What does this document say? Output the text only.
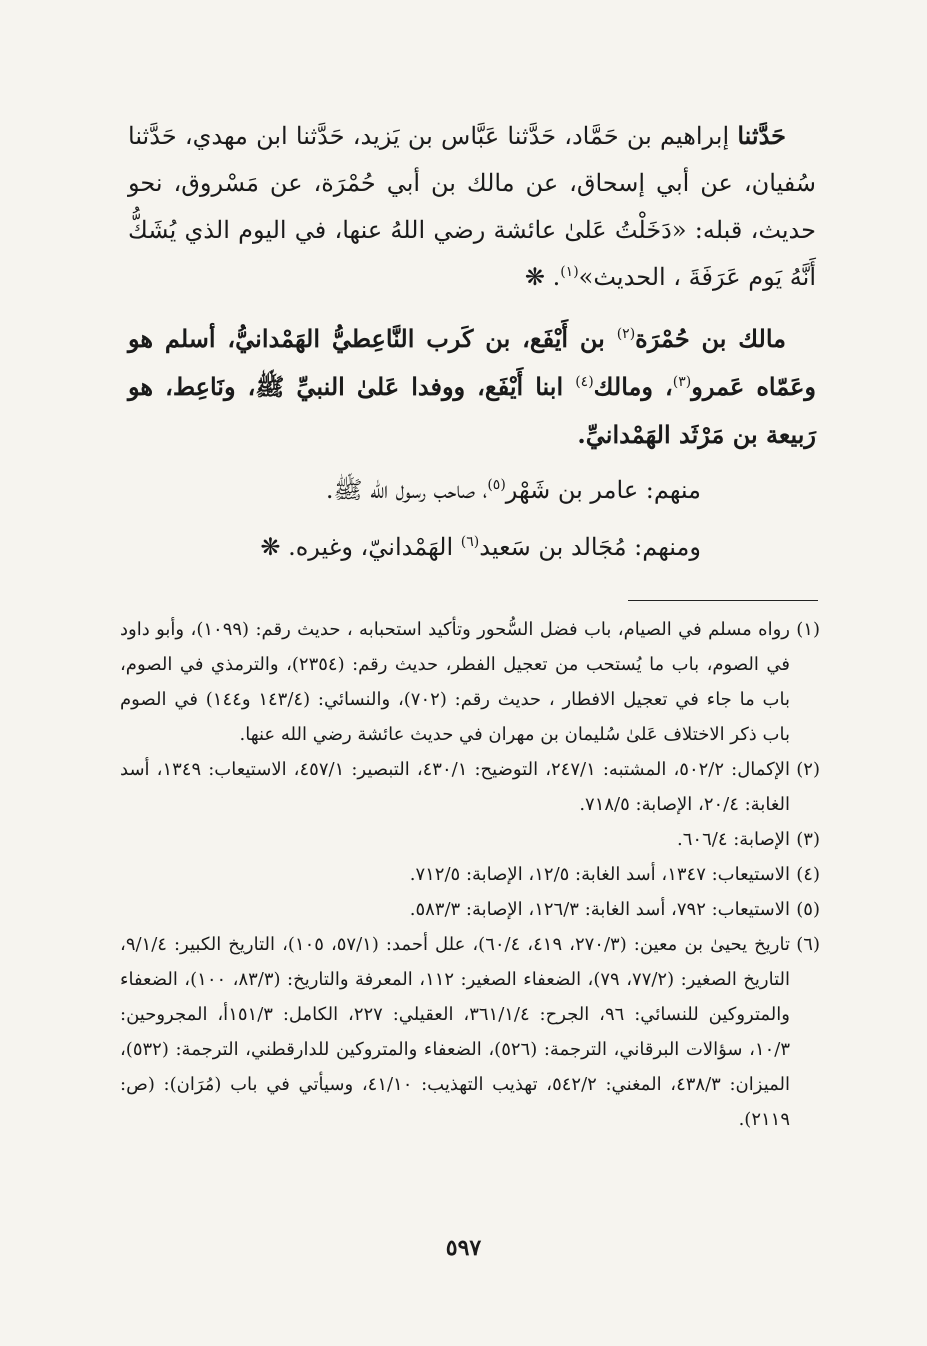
حَدَّثنا إبراهيم بن حَمَّاد، حَدَّثنا عَبَّاس بن يَزيد، حَدَّثنا ابن مهدي، حَدَّثنا سُفيان، عن أبي إسحاق، عن مالك بن أبي حُمْرَة، عن مَسْروق، نحو حديث، قبله: «دَخَلْتُ عَلىٰ عائشة رضي اللهُ عنها، في اليوم الذي يُشَكُّ أَنَّهُ يَوم عَرَفَةَ ، الحديث»$^{(١)}$. ❋

مالك بن حُمْرَة$^{(٢)}$ بن أَيْفَع، بن كَرب النَّاعِطيُّ الهَمْدانيُّ، أسلم هو وعَمّاه عَمرو$^{(٣)}$، ومالك$^{(٤)}$ ابنا أَيْفَع، ووفدا عَلىٰ النبيِّ ﷺ، ونَاعِط، هو رَبيعة بن مَرْثَد الهَمْدانيِّ.

منهم: عامر بن شَهْر$^{(٥)}$، صاحب رسول الله ﷺ.

ومنهم: مُجَالد بن سَعيد$^{(٦)}$ الهَمْدانيّ، وغيره. ❋

(١)
رواه مسلم في الصيام، باب فضل السُّحور وتأكيد استحبابه ، حديث رقم: (١٠٩٩)، وأبو داود في الصوم، باب ما يُستحب من تعجيل الفطر، حديث رقم: (٢٣٥٤)، والترمذي في الصوم، باب ما جاء في تعجيل الافطار ، حديث رقم: (٧٠٢)، والنسائي: (١٤٣/٤ و١٤٤) في الصوم باب ذكر الاختلاف عَلىٰ سُليمان بن مهران في حديث عائشة رضي الله عنها.

(٢)
الإكمال: ٥٠٢/٢، المشتبه: ٢٤٧/١، التوضيح: ٤٣٠/١، التبصير: ٤٥٧/١، الاستيعاب: ١٣٤٩، أسد الغابة: ٢٠/٤، الإصابة: ٧١٨/٥.

(٣)
الإصابة: ٦٠٦/٤.

(٤)
الاستيعاب: ١٣٤٧، أسد الغابة: ١٢/٥، الإصابة: ٧١٢/٥.

(٥)
الاستيعاب: ٧٩٢، أسد الغابة: ١٢٦/٣، الإصابة: ٥٨٣/٣.

(٦)
تاريخ يحيىٰ بن معين: (٢٧٠/٣، ٤١٩، ٦٠/٤)، علل أحمد: (٥٧/١، ١٠٥)، التاريخ الكبير: ٩/١/٤، التاريخ الصغير: (٧٧/٢، ٧٩)، الضعفاء الصغير: ١١٢، المعرفة والتاريخ: (٨٣/٣، ١٠٠)، الضعفاء والمتروكين للنسائي: ٩٦، الجرح: ٣٦١/١/٤، العقيلي: ٢٢٧، الكامل: ١٥١/٣أ، المجروحين: ١٠/٣، سؤالات البرقاني، الترجمة: (٥٢٦)، الضعفاء والمتروكين للدارقطني، الترجمة: (٥٣٢)، الميزان: ٤٣٨/٣، المغني: ٥٤٢/٢، تهذيب التهذيب: ٤١/١٠، وسيأتي في باب (مُرَان): (ص: ٢١١٩).

٥٩٧
